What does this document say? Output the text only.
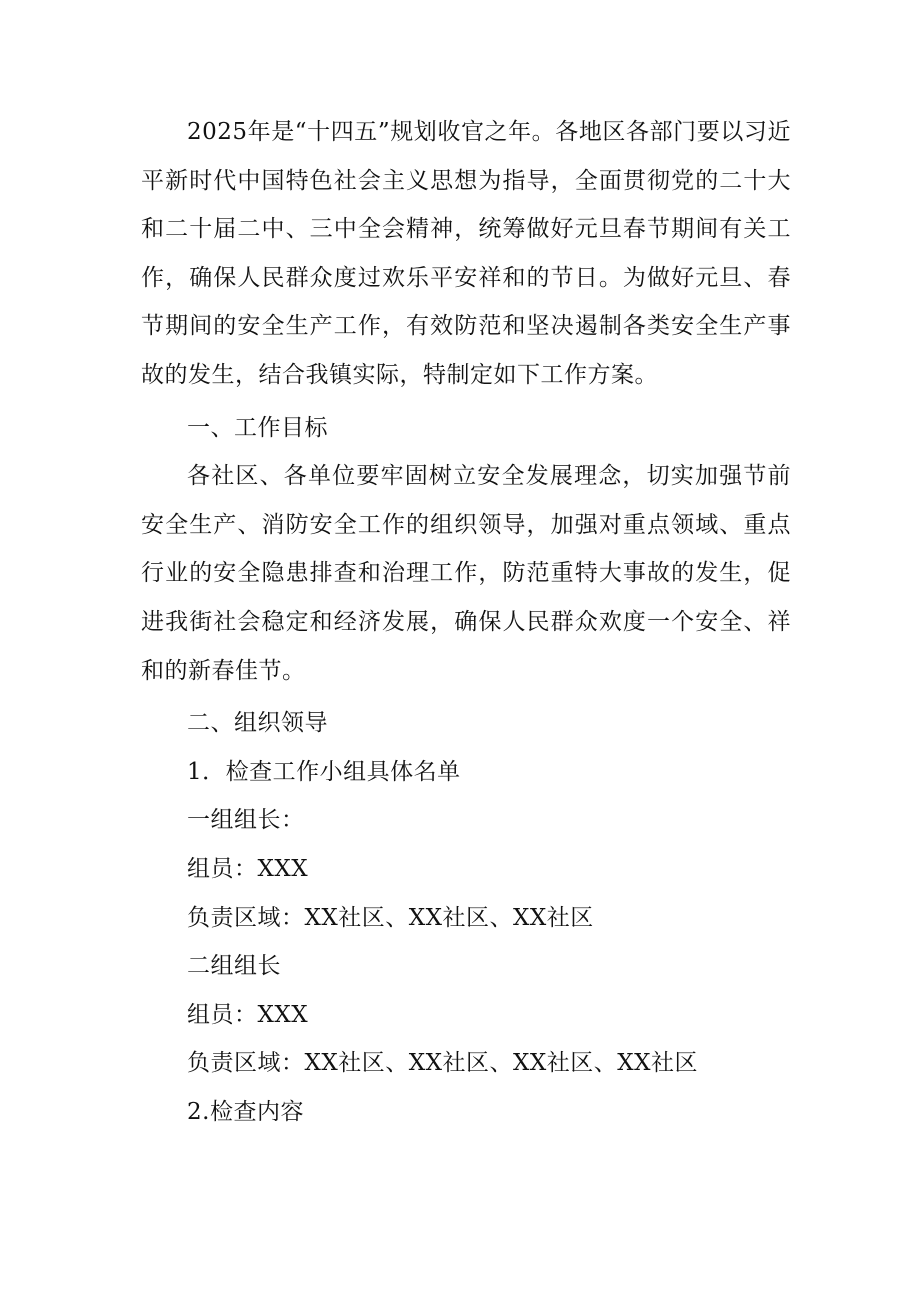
2025年是“十四五”规划收官之年。各地区各部门要以习近平新时代中国特色社会主义思想为指导，全面贯彻党的二十大和二十届二中、三中全会精神，统筹做好元旦春节期间有关工作，确保人民群众度过欢乐平安祥和的节日。为做好元旦、春节期间的安全生产工作，有效防范和坚决遏制各类安全生产事故的发生，结合我镇实际，特制定如下工作方案。

一、工作目标

各社区、各单位要牢固树立安全发展理念，切实加强节前安全生产、消防安全工作的组织领导，加强对重点领域、重点行业的安全隐患排查和治理工作，防范重特大事故的发生，促进我街社会稳定和经济发展，确保人民群众欢度一个安全、祥和的新春佳节。

二、组织领导

1．检查工作小组具体名单

一组组长：

组员：XXX

负责区域：XX社区、XX社区、XX社区

二组组长

组员：XXX

负责区域：XX社区、XX社区、XX社区、XX社区

2.检查内容
